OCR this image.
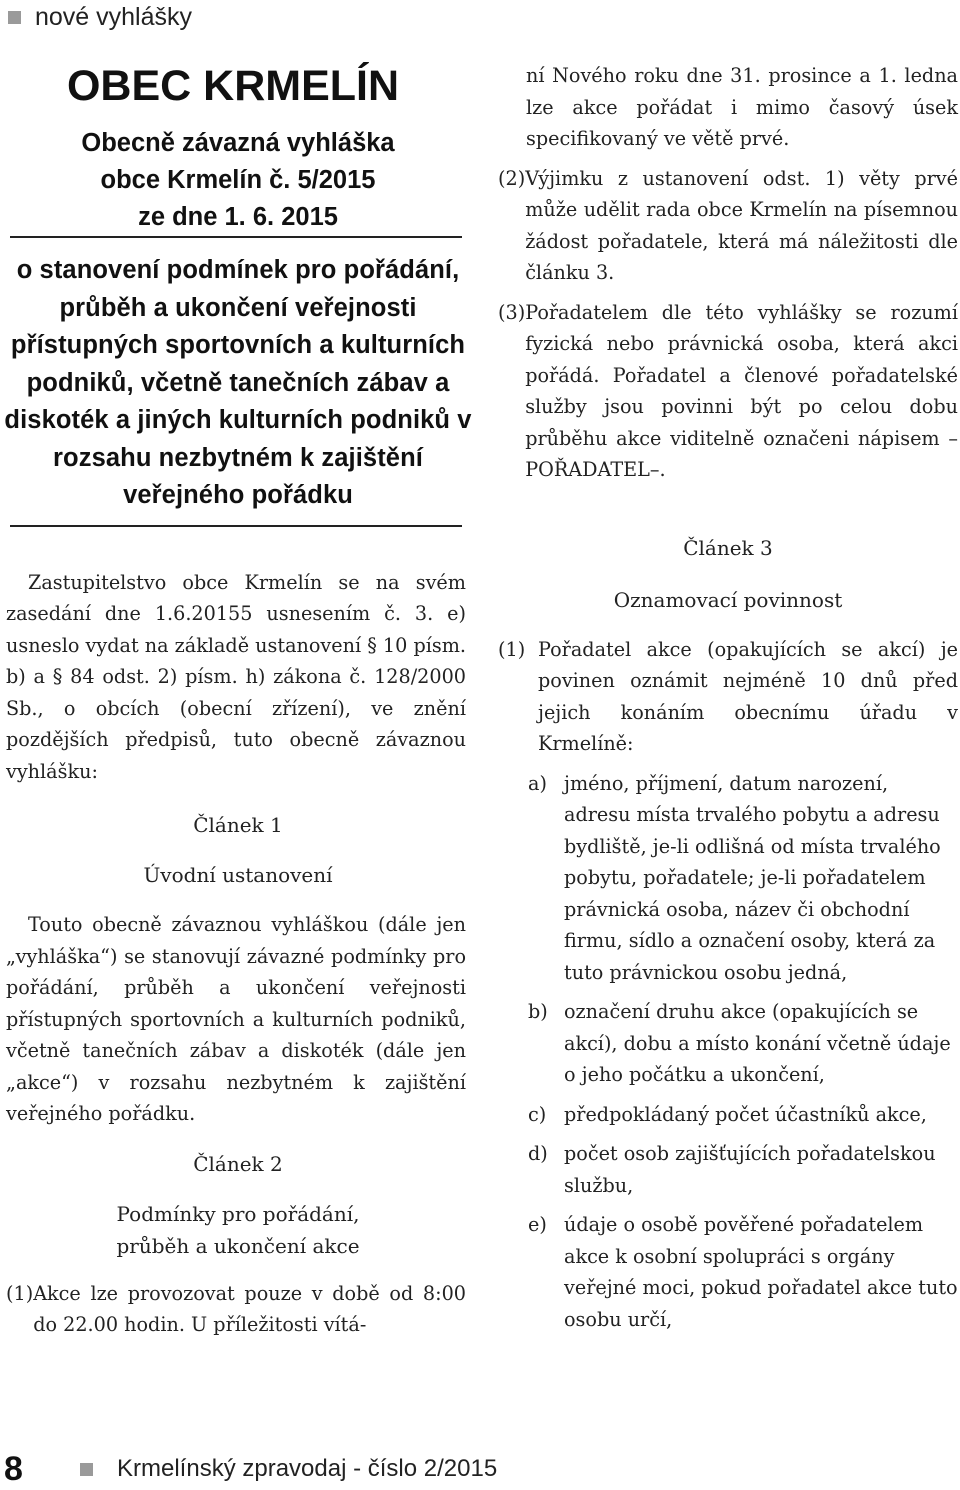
nové vyhlášky
OBEC KRMELÍN
Obecně závazná vyhláška
obce Krmelín č. 5/2015
ze dne 1. 6. 2015
o stanovení podmínek pro pořádání, průběh a ukončení veřejnosti přístupných sportovních a kulturních podniků, včetně tanečních zábav a diskoték a jiných kulturních podniků v rozsahu nezbytném k zajištění veřejného pořádku
Zastupitelstvo obce Krmelín se na svém zasedání dne 1.6.20155 usnesením č. 3. e) usneslo vydat na základě ustanovení § 10 písm. b) a § 84 odst. 2) písm. h) zákona č. 128/2000 Sb., o obcích (obecní zřízení), ve znění pozdějších předpisů, tuto obecně závaznou vyhlášku:
Článek 1
Úvodní ustanovení
Touto obecně závaznou vyhláškou (dále jen „vyhláška“) se stanovují závazné podmínky pro pořádání, průběh a ukončení veřejnosti přístupných sportovních a kulturních podniků, včetně tanečních zábav a diskoték (dále jen „akce“) v rozsahu nezbytném k zajištění veřejného pořádku.
Článek 2
Podmínky pro pořádání,
průběh a ukončení akce
(1) Akce lze provozovat pouze v době od 8:00 do 22.00 hodin. U příležitosti vítá-
ní Nového roku dne 31. prosince a 1. ledna lze akce pořádat i mimo časový úsek specifikovaný ve větě prvé.
(2) Výjimku z ustanovení odst. 1) věty prvé může udělit rada obce Krmelín na písemnou žádost pořadatele, která má náležitosti dle článku 3.
(3) Pořadatelem dle této vyhlášky se rozumí fyzická nebo právnická osoba, která akci pořádá. Pořadatel a členové pořadatelské služby jsou povinni být po celou dobu průběhu akce viditelně označeni nápisem –POŘADATEL–.
Článek 3
Oznamovací povinnost
(1) Pořadatel akce (opakujících se akcí) je povinen oznámit nejméně 10 dnů před jejich konáním obecnímu úřadu v Krmelíně:
a) jméno, příjmení, datum narození, adresu místa trvalého pobytu a adresu bydliště, je-li odlišná od místa trvalého pobytu, pořadatele; je-li pořadatelem právnická osoba, název či obchodní firmu, sídlo a označení osoby, která za tuto právnickou osobu jedná,
b) označení druhu akce (opakujících se akcí), dobu a místo konání včetně údaje o jeho počátku a ukončení,
c) předpokládaný počet účastníků akce,
d) počet osob zajišťujících pořadatelskou službu,
e) údaje o osobě pověřené pořadatelem akce k osobní spolupráci s orgány veřejné moci, pokud pořadatel akce tuto osobu určí,
8	Krmelínský zpravodaj - číslo 2/2015
